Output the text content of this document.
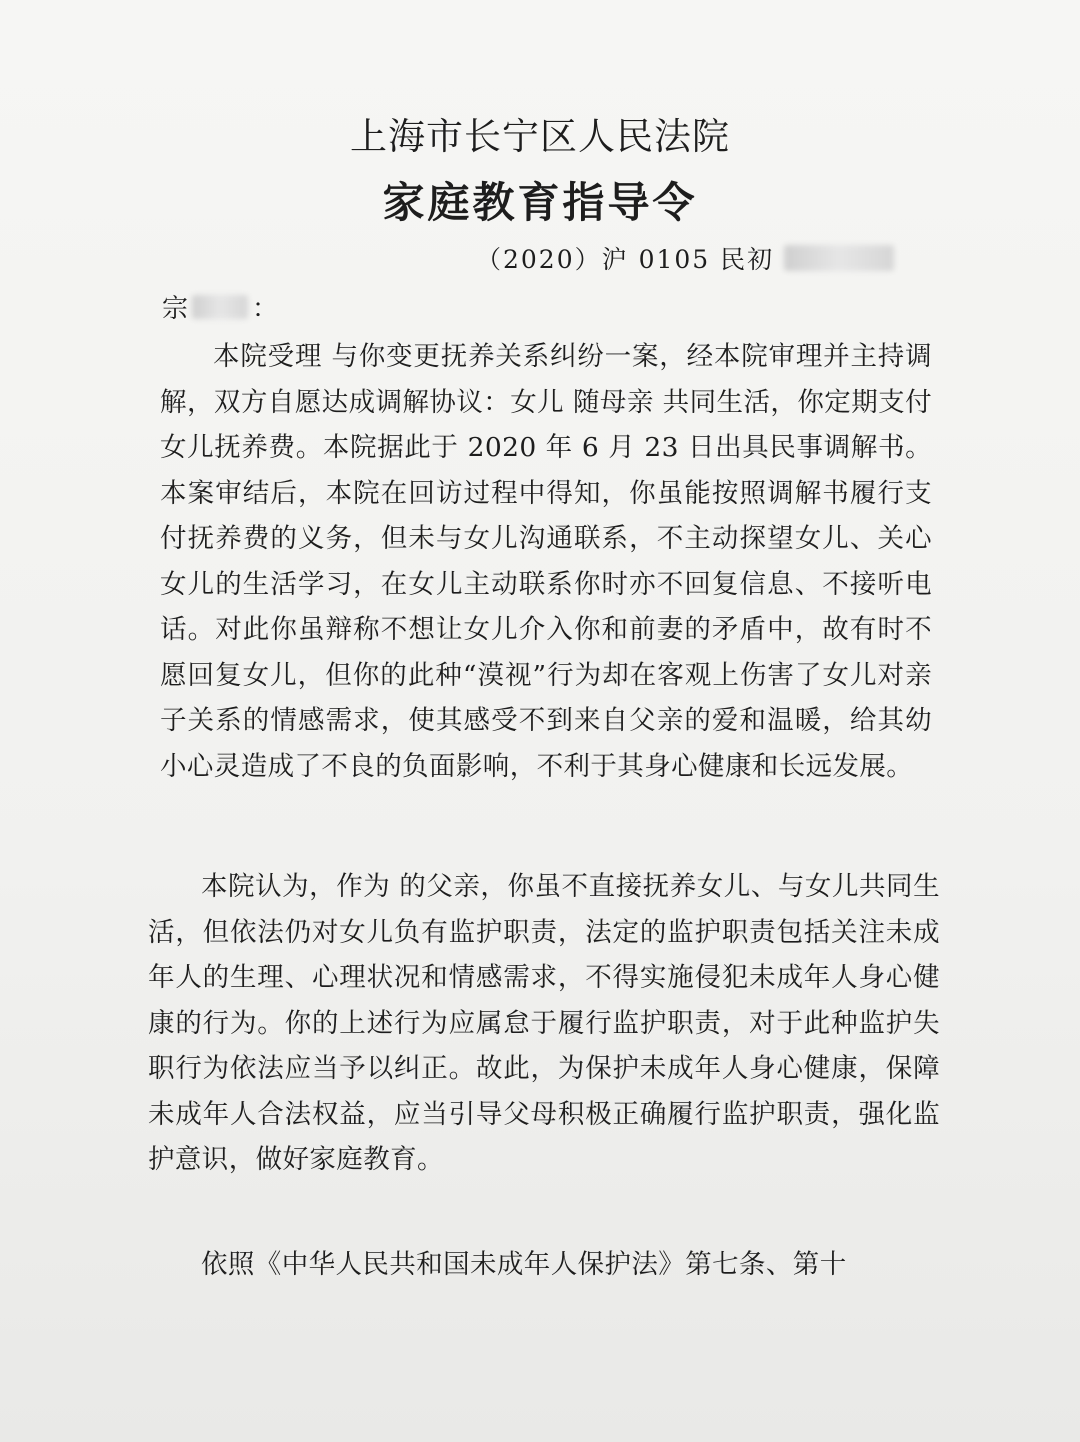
上海市长宁区人民法院
家庭教育指导令
（2020）沪 0105 民初
宗 ：

本院受理 与你变更抚养关系纠纷一案，经本院审理并主持调解，双方自愿达成调解协议：女儿 随母亲 共同生活，你定期支付女儿抚养费。本院据此于 2020 年 6 月 23 日出具民事调解书。本案审结后，本院在回访过程中得知，你虽能按照调解书履行支付抚养费的义务，但未与女儿沟通联系，不主动探望女儿、关心女儿的生活学习，在女儿主动联系你时亦不回复信息、不接听电话。对此你虽辩称不想让女儿介入你和前妻的矛盾中，故有时不愿回复女儿，但你的此种“漠视”行为却在客观上伤害了女儿对亲子关系的情感需求，使其感受不到来自父亲的爱和温暖，给其幼小心灵造成了不良的负面影响，不利于其身心健康和长远发展。

本院认为，作为 的父亲，你虽不直接抚养女儿、与女儿共同生活，但依法仍对女儿负有监护职责，法定的监护职责包括关注未成年人的生理、心理状况和情感需求，不得实施侵犯未成年人身心健康的行为。你的上述行为应属怠于履行监护职责，对于此种监护失职行为依法应当予以纠正。故此，为保护未成年人身心健康，保障未成年人合法权益，应当引导父母积极正确履行监护职责，强化监护意识，做好家庭教育。

依照《中华人民共和国未成年人保护法》第七条、第十
